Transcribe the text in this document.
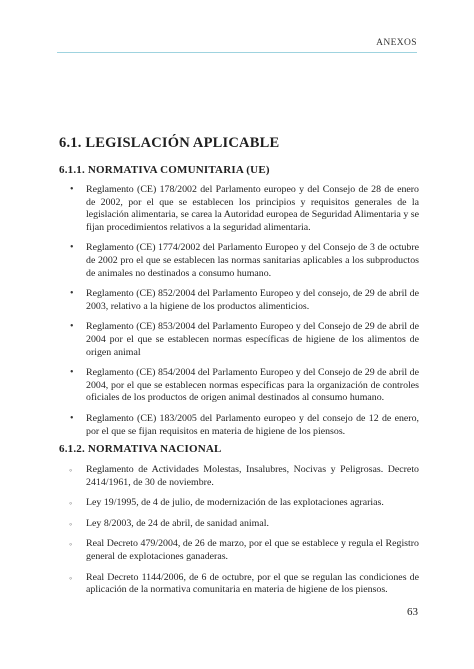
ANEXOS
6.1. LEGISLACIÓN APLICABLE
6.1.1. NORMATIVA COMUNITARIA (UE)
• Reglamento (CE) 178/2002 del Parlamento europeo y del Consejo de 28 de enero de 2002, por el que se establecen los principios y requisitos generales de la legislación alimentaria, se carea la Autoridad europea de Seguridad Alimentaria y se fijan procedimientos relativos a la seguridad alimentaria.
• Reglamento (CE) 1774/2002 del Parlamento Europeo y del Consejo de 3 de octubre de 2002 pro el que se establecen las normas sanitarias aplicables a los subproductos de animales no destinados a consumo humano.
• Reglamento (CE) 852/2004 del Parlamento Europeo y del consejo, de 29 de abril de 2003, relativo a la higiene de los productos alimenticios.
• Reglamento (CE) 853/2004 del Parlamento Europeo y del Consejo de 29 de abril de 2004 por el que se establecen normas específicas de higiene de los alimentos de origen animal
• Reglamento (CE) 854/2004 del Parlamento Europeo y del Consejo de 29 de abril de 2004, por el que se establecen normas específicas para la organización de controles oficiales de los productos de origen animal destinados al consumo humano.
• Reglamento (CE) 183/2005 del Parlamento europeo y del consejo de 12 de enero, por el que se fijan requisitos en materia de higiene de los piensos.
6.1.2. NORMATIVA NACIONAL
◦ Reglamento de Actividades Molestas, Insalubres, Nocivas y Peligrosas. Decreto 2414/1961, de 30 de noviembre.
◦ Ley 19/1995, de 4 de julio, de modernización de las explotaciones agrarias.
◦ Ley 8/2003, de 24 de abril, de sanidad animal.
◦ Real Decreto 479/2004, de 26 de marzo, por el que se establece y regula el Registro general de explotaciones ganaderas.
◦ Real Decreto 1144/2006, de 6 de octubre, por el que se regulan las condiciones de aplicación de la normativa comunitaria en materia de higiene de los piensos.
63
